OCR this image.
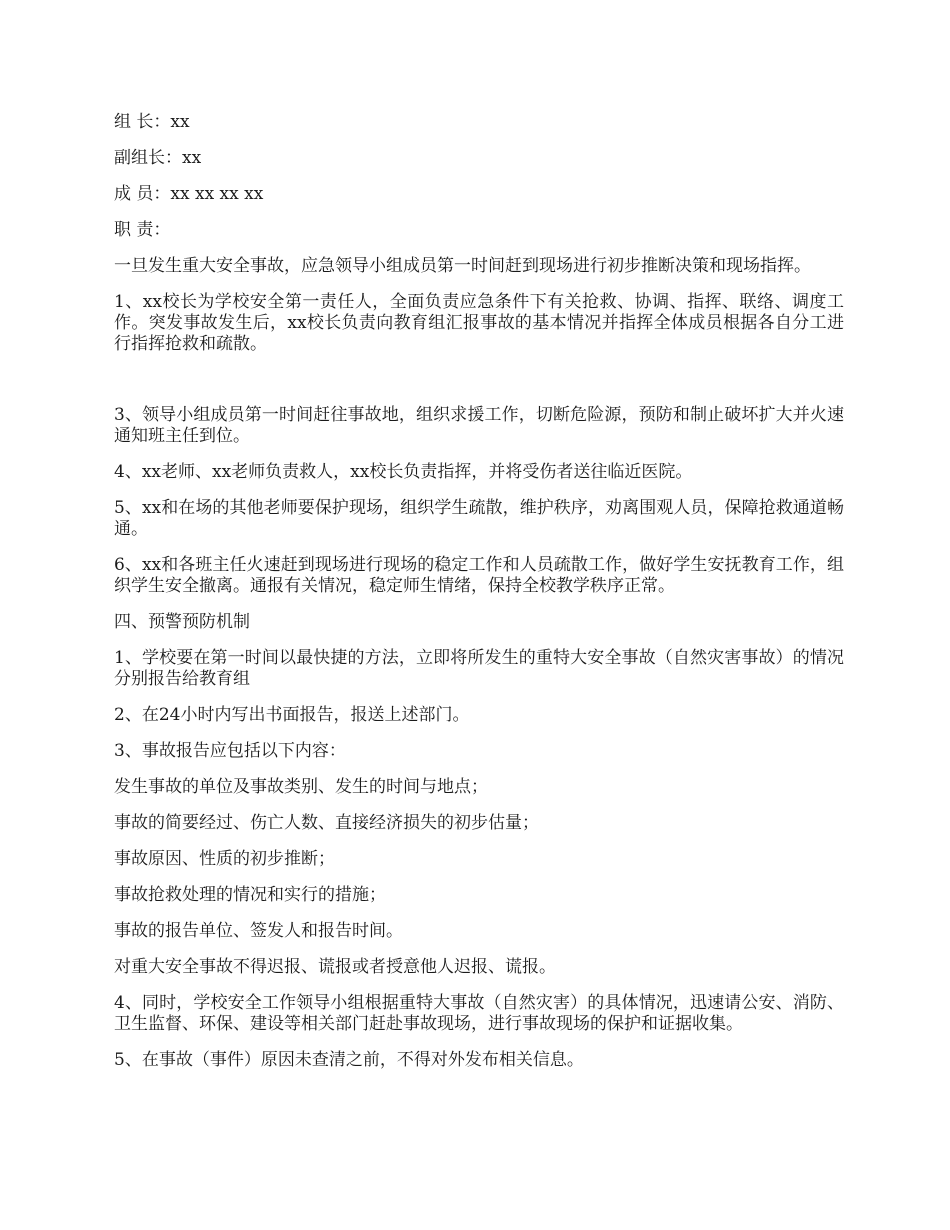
组 长：xx

副组长：xx

成 员：xx xx xx xx

职 责：

一旦发生重大安全事故，应急领导小组成员第一时间赶到现场进行初步推断决策和现场指挥。

1、xx校长为学校安全第一责任人，全面负责应急条件下有关抢救、协调、指挥、联络、调度工作。突发事故发生后，xx校长负责向教育组汇报事故的基本情况并指挥全体成员根据各自分工进行指挥抢救和疏散。

3、领导小组成员第一时间赶往事故地，组织求援工作，切断危险源，预防和制止破坏扩大并火速通知班主任到位。

4、xx老师、xx老师负责救人，xx校长负责指挥，并将受伤者送往临近医院。

5、xx和在场的其他老师要保护现场，组织学生疏散，维护秩序，劝离围观人员，保障抢救通道畅通。

6、xx和各班主任火速赶到现场进行现场的稳定工作和人员疏散工作，做好学生安抚教育工作，组织学生安全撤离。通报有关情况，稳定师生情绪，保持全校教学秩序正常。

四、预警预防机制

1、学校要在第一时间以最快捷的方法，立即将所发生的重特大安全事故（自然灾害事故）的情况分别报告给教育组

2、在24小时内写出书面报告，报送上述部门。

3、事故报告应包括以下内容：

发生事故的单位及事故类别、发生的时间与地点；

事故的简要经过、伤亡人数、直接经济损失的初步估量；

事故原因、性质的初步推断；

事故抢救处理的情况和实行的措施；

事故的报告单位、签发人和报告时间。

对重大安全事故不得迟报、谎报或者授意他人迟报、谎报。

4、同时，学校安全工作领导小组根据重特大事故（自然灾害）的具体情况，迅速请公安、消防、卫生监督、环保、建设等相关部门赶赴事故现场，进行事故现场的保护和证据收集。

5、在事故（事件）原因未查清之前，不得对外发布相关信息。
